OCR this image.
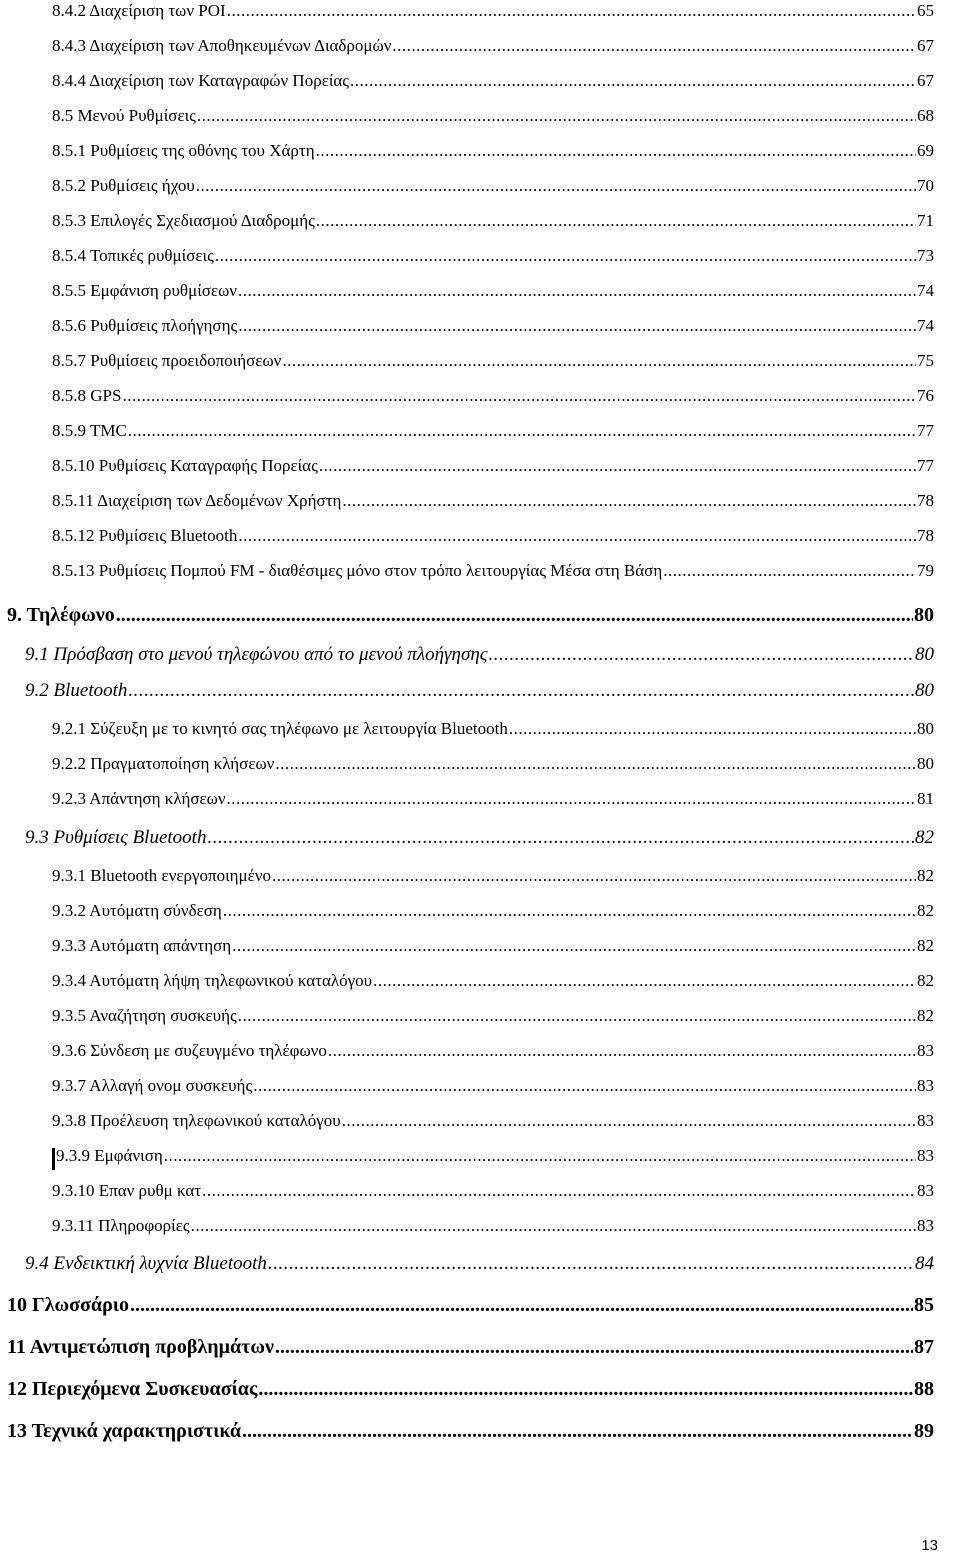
8.4.2 Διαχείριση των POI .....	65
8.4.3 Διαχείριση των Αποθηκευμένων Διαδρομών .....	67
8.4.4 Διαχείριση των Καταγραφών Πορείας .....	67
8.5 Μενού Ρυθμίσεις .....	68
8.5.1 Ρυθμίσεις της οθόνης του Χάρτη .....	69
8.5.2 Ρυθμίσεις ήχου .....	70
8.5.3 Επιλογές Σχεδιασμού Διαδρομής .....	71
8.5.4 Τοπικές ρυθμίσεις .....	73
8.5.5 Εμφάνιση ρυθμίσεων .....	74
8.5.6 Ρυθμίσεις πλοήγησης .....	74
8.5.7 Ρυθμίσεις προειδοποιήσεων .....	75
8.5.8 GPS .....	76
8.5.9 TMC .....	77
8.5.10 Ρυθμίσεις Καταγραφής Πορείας .....	77
8.5.11 Διαχείριση των Δεδομένων Χρήστη .....	78
8.5.12 Ρυθμίσεις Bluetooth .....	78
8.5.13 Ρυθμίσεις Πομπού FM - διαθέσιμες μόνο στον τρόπο λειτουργίας Μέσα στη Βάση .....	79
9. Τηλέφωνο .....	80
9.1 Πρόσβαση στο μενού τηλεφώνου από το μενού πλοήγησης .....	80
9.2 Bluetooth .....	80
9.2.1 Σύζευξη με το κινητό σας τηλέφωνο με λειτουργία Bluetooth .....	80
9.2.2 Πραγματοποίηση κλήσεων .....	80
9.2.3 Απάντηση κλήσεων .....	81
9.3 Ρυθμίσεις Bluetooth .....	82
9.3.1 Bluetooth ενεργοποιημένο .....	82
9.3.2 Αυτόματη σύνδεση .....	82
9.3.3 Αυτόματη απάντηση .....	82
9.3.4 Αυτόματη λήψη τηλεφωνικού καταλόγου .....	82
9.3.5 Αναζήτηση συσκευής .....	82
9.3.6 Σύνδεση με συζευγμένο τηλέφωνο .....	83
9.3.7 Αλλαγή ονομ συσκευής .....	83
9.3.8 Προέλευση τηλεφωνικού καταλόγου .....	83
9.3.9 Εμφάνιση .....	83
9.3.10 Επαν ρυθμ κατ .....	83
9.3.11 Πληροφορίες .....	83
9.4 Ενδεικτική λυχνία Bluetooth .....	84
10 Γλωσσάριο .....	85
11 Αντιμετώπιση προβλημάτων .....	87
12 Περιεχόμενα Συσκευασίας .....	88
13 Τεχνικά χαρακτηριστικά .....	89
13
